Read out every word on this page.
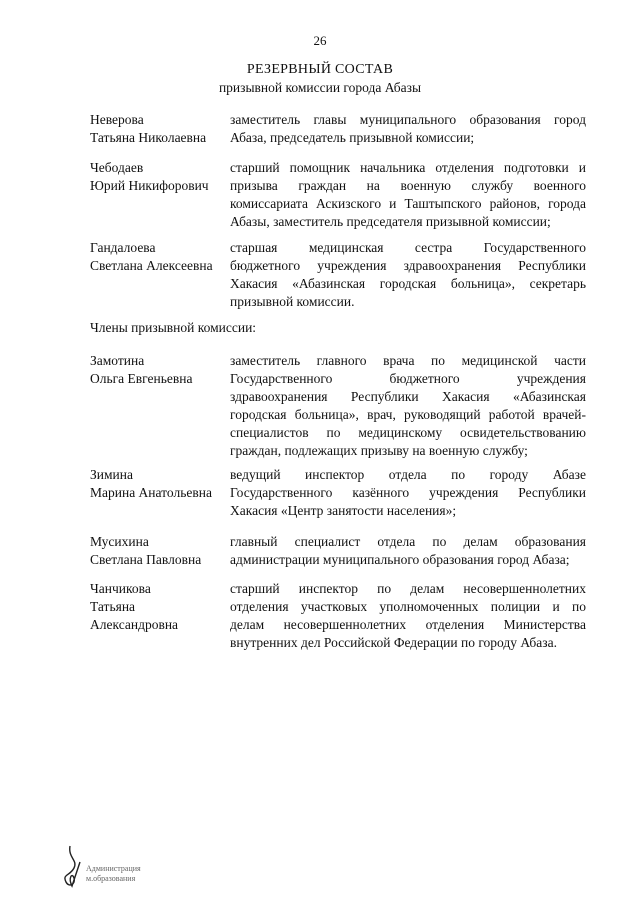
26
РЕЗЕРВНЫЙ СОСТАВ
призывной комиссии города Абазы
Неверова
Татьяна Николаевна
заместитель главы муниципального образования город
Абаза, председатель призывной комиссии;
Чебодаев
Юрий Никифорович
старший помощник начальника отделения подготовки и
призыва граждан на военную службу военного
комиссариата Аскизского и Таштыпского районов, города
Абазы, заместитель председателя призывной комиссии;
Гандалоева
Светлана Алексеевна
старшая медицинская сестра Государственного
бюджетного учреждения здравоохранения Республики
Хакасия «Абазинская городская больница», секретарь
призывной комиссии.
Члены призывной комиссии:
Замотина
Ольга Евгеньевна
заместитель главного врача по медицинской части
Государственного бюджетного учреждения
здравоохранения Республики Хакасия «Абазинская
городская больница», врач, руководящий работой врачей-
специалистов по медицинскому освидетельствованию
граждан, подлежащих призыву на военную службу;
Зимина
Марина Анатольевна
ведущий инспектор отдела по городу Абазе
Государственного казённого учреждения Республики
Хакасия «Центр занятости населения»;
Мусихина
Светлана Павловна
главный специалист отдела по делам образования
администрации муниципального образования город Абаза;
Чанчикова
Татьяна
Александровна
старший инспектор по делам несовершеннолетних
отделения участковых уполномоченных полиции и по
делам несовершеннолетних отделения Министерства
внутренних дел Российской Федерации по городу Абаза.
Администрация
м.образования
